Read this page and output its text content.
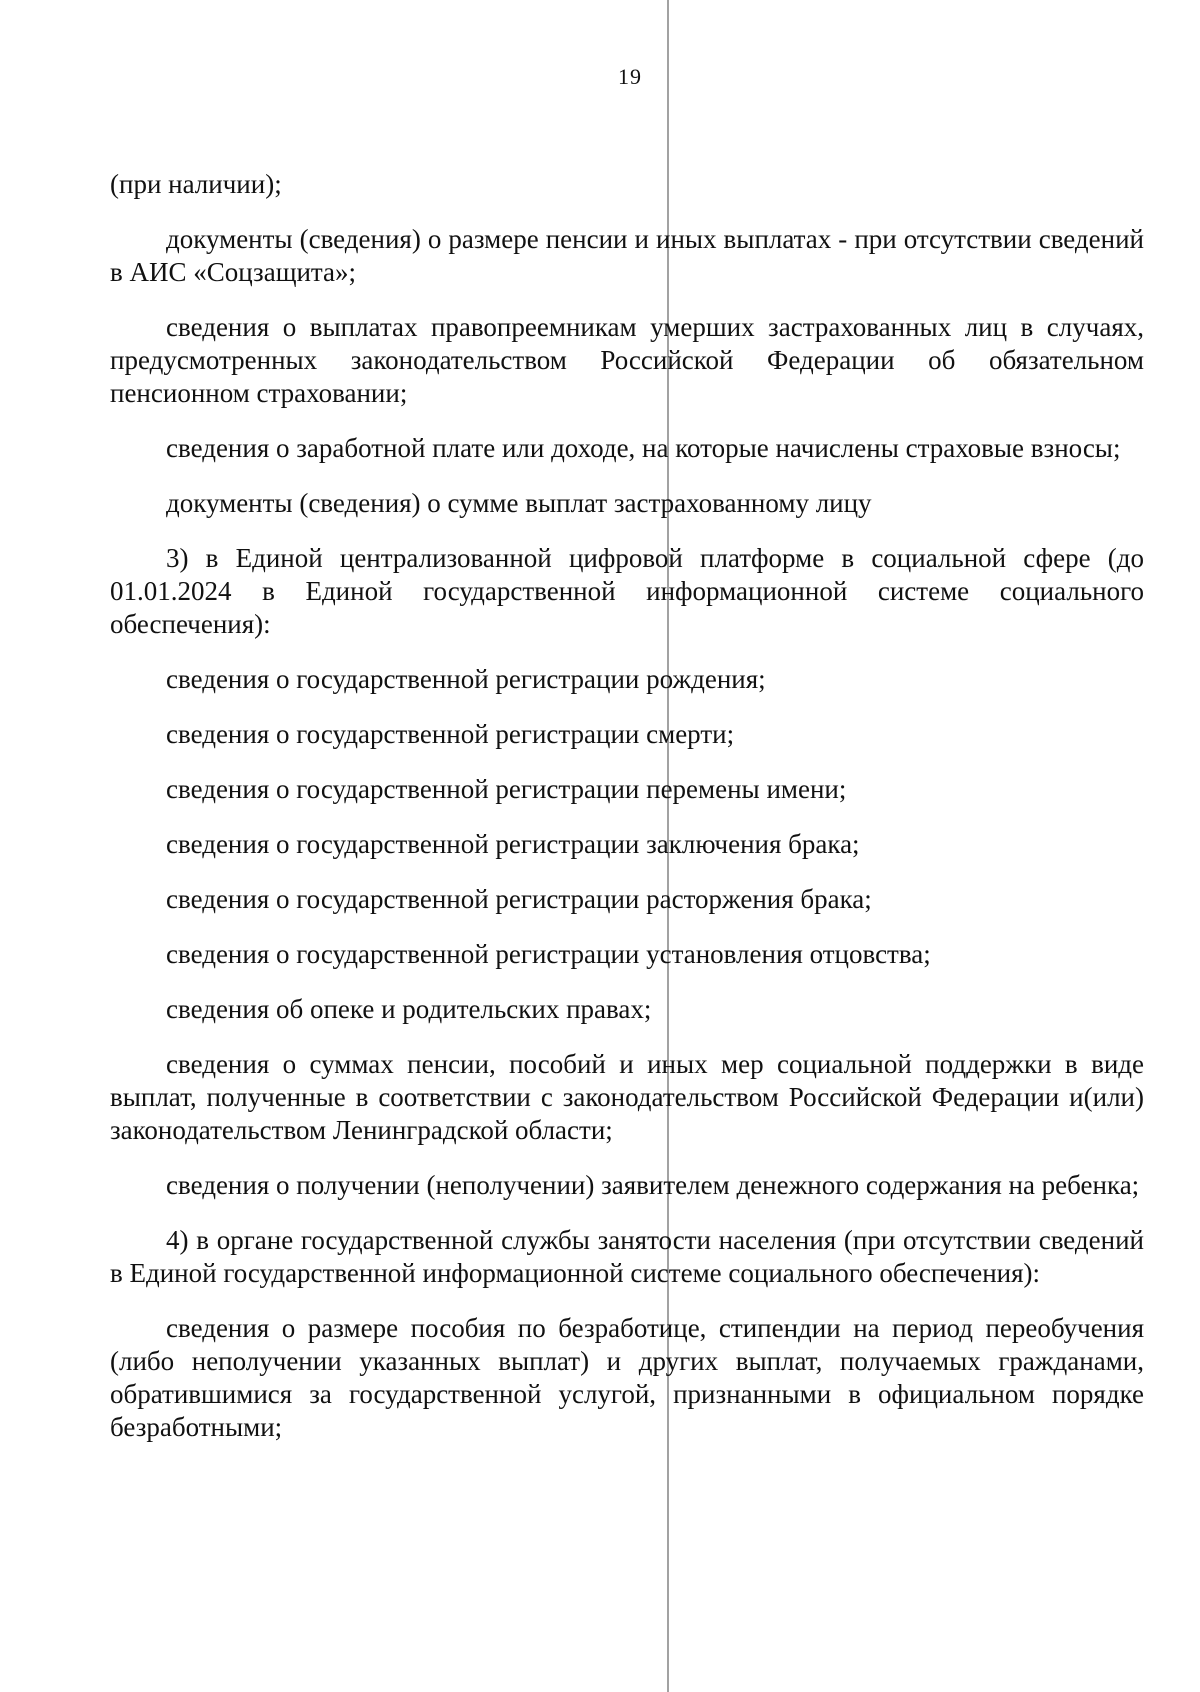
19

(при наличии);

документы (сведения) о размере пенсии и иных выплатах - при отсутствии сведений в АИС «Соцзащита»;

сведения о выплатах правопреемникам умерших застрахованных лиц в случаях, предусмотренных законодательством Российской Федерации об обязательном пенсионном страховании;

сведения о заработной плате или доходе, на которые начислены страховые взносы;

документы (сведения) о сумме выплат застрахованному лицу

3) в Единой централизованной цифровой платформе в социальной сфере (до 01.01.2024 в Единой государственной информационной системе социального обеспечения):

сведения о государственной регистрации рождения;

сведения о государственной регистрации смерти;

сведения о государственной регистрации перемены имени;

сведения о государственной регистрации заключения брака;

сведения о государственной регистрации расторжения брака;

сведения о государственной регистрации установления отцовства;

сведения об опеке и родительских правах;

сведения о суммах пенсии, пособий и иных мер социальной поддержки в виде выплат, полученные в соответствии с законодательством Российской Федерации и(или) законодательством Ленинградской области;

сведения о получении (неполучении) заявителем денежного содержания на ребенка;

4) в органе государственной службы занятости населения (при отсутствии сведений в Единой государственной информационной системе социального обеспечения):

сведения о размере пособия по безработице, стипендии на период переобучения (либо неполучении указанных выплат) и других выплат, получаемых гражданами, обратившимися за государственной услугой, признанными в официальном порядке безработными;
